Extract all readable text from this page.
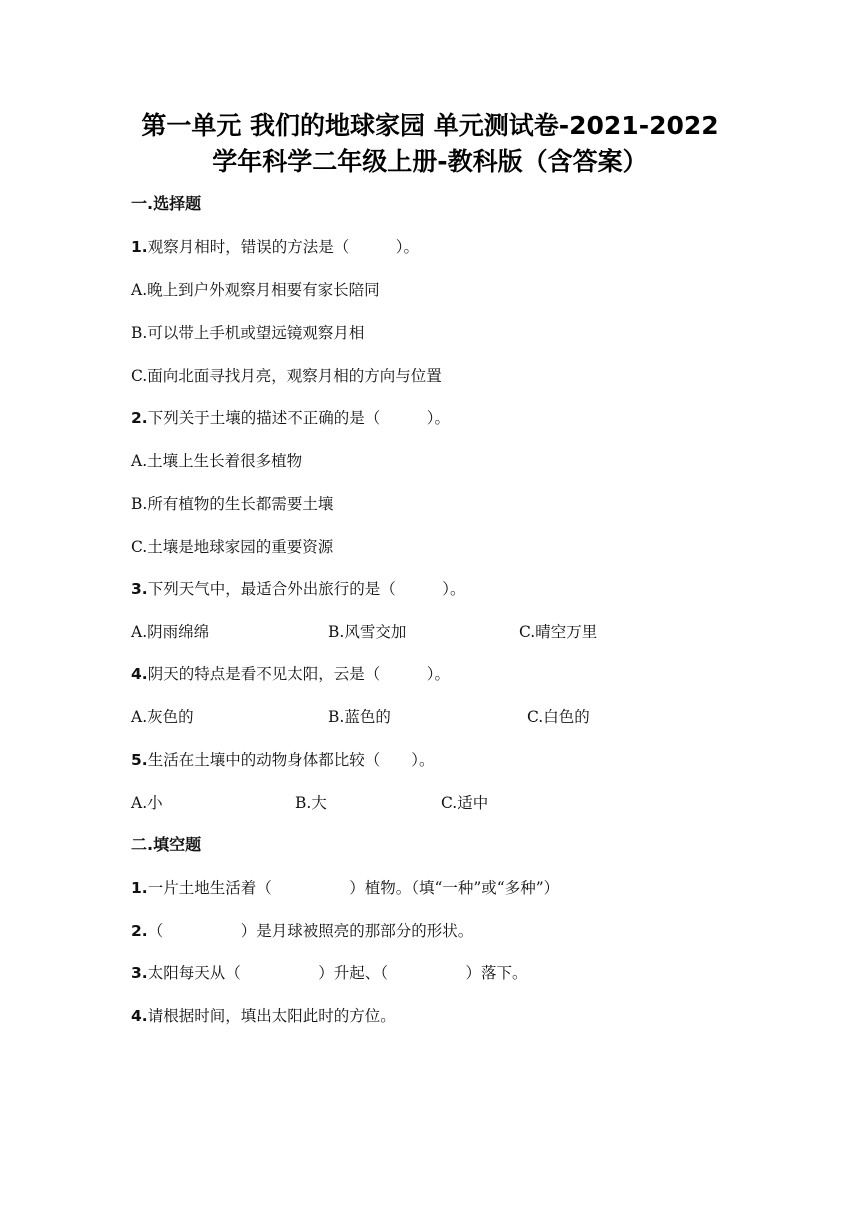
第一单元 我们的地球家园 单元测试卷-2021-2022
学年科学二年级上册-教科版（含答案）
一.选择题
1.观察月相时，错误的方法是（　　　）。
A.晚上到户外观察月相要有家长陪同
B.可以带上手机或望远镜观察月相
C.面向北面寻找月亮，观察月相的方向与位置
2.下列关于土壤的描述不正确的是（　　　）。
A.土壤上生长着很多植物
B.所有植物的生长都需要土壤
C.土壤是地球家园的重要资源
3.下列天气中，最适合外出旅行的是（　　　）。
A.阴雨绵绵	B.风雪交加	C.晴空万里
4.阴天的特点是看不见太阳，云是（　　　）。
A.灰色的	B.蓝色的	C.白色的
5.生活在土壤中的动物身体都比较（　　）。
A.小	B.大	C.适中
二.填空题
1.一片土地生活着（　　　　　）植物。（填“一种”或“多种”）
2.（　　　　　）是月球被照亮的那部分的形状。
3.太阳每天从（　　　　　）升起、（　　　　　）落下。
4.请根据时间，填出太阳此时的方位。
